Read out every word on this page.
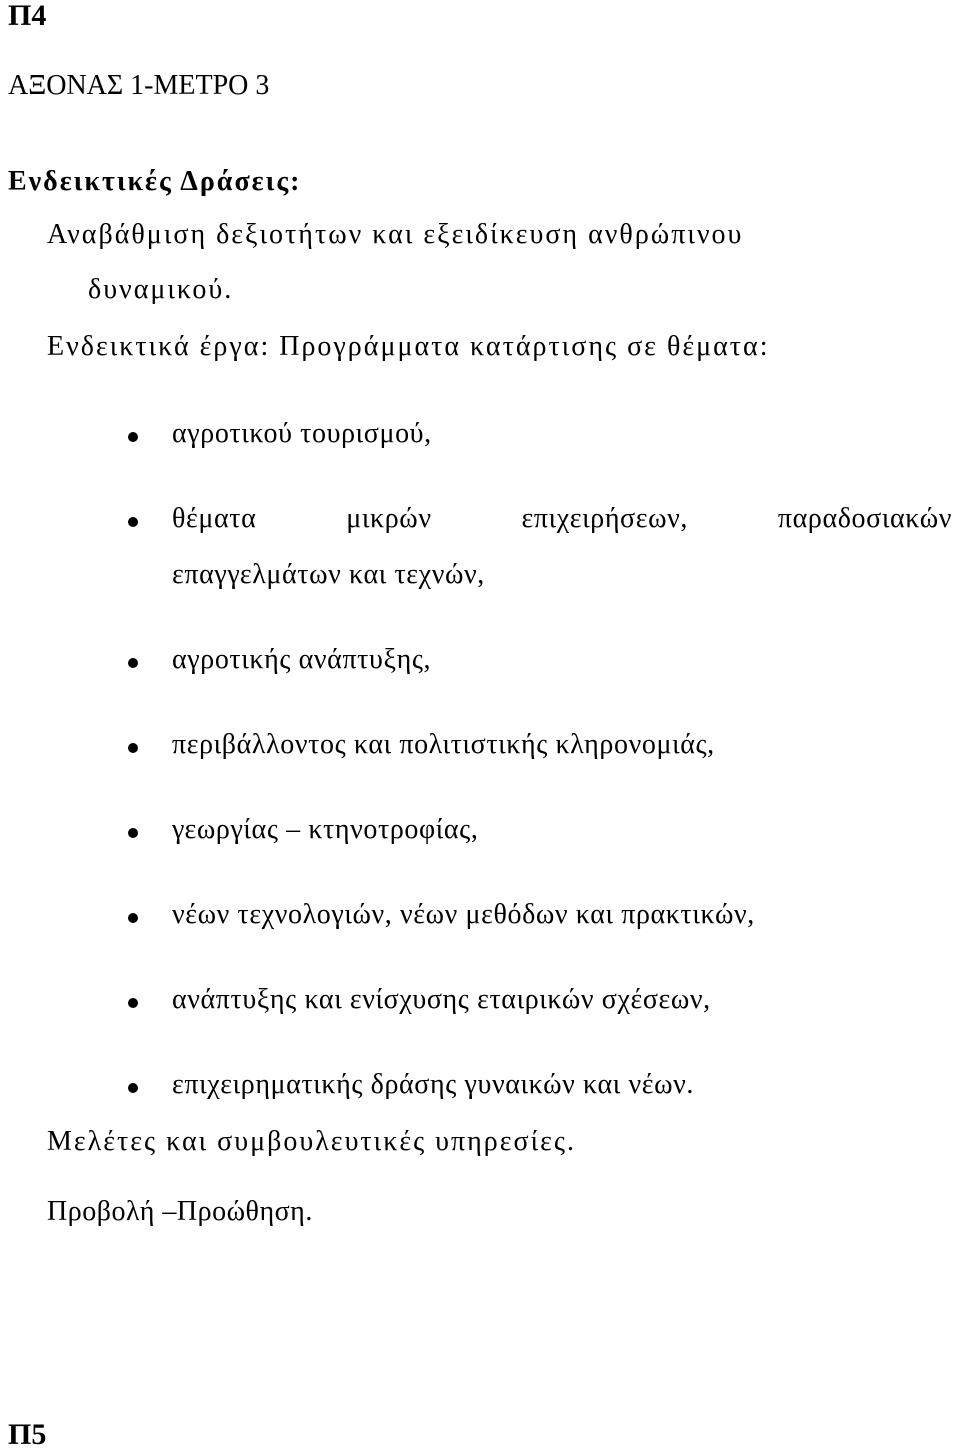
Π4
ΑΞΟΝΑΣ 1-ΜΕΤΡΟ 3
Ενδεικτικές Δράσεις:
Αναβάθμιση δεξιοτήτων και εξειδίκευση ανθρώπινου
δυναμικού.
Ενδεικτικά έργα: Προγράμματα κατάρτισης σε θέματα:
αγροτικού τουρισμού,
θέματα μικρών επιχειρήσεων, παραδοσιακών
επαγγελμάτων και τεχνών,
αγροτικής ανάπτυξης,
περιβάλλοντος και πολιτιστικής κληρονομιάς,
γεωργίας – κτηνοτροφίας,
νέων τεχνολογιών, νέων μεθόδων και πρακτικών,
ανάπτυξης και ενίσχυσης εταιρικών σχέσεων,
επιχειρηματικής δράσης γυναικών και νέων.
Μελέτες και συμβουλευτικές υπηρεσίες.
Προβολή –Προώθηση.
Π5
